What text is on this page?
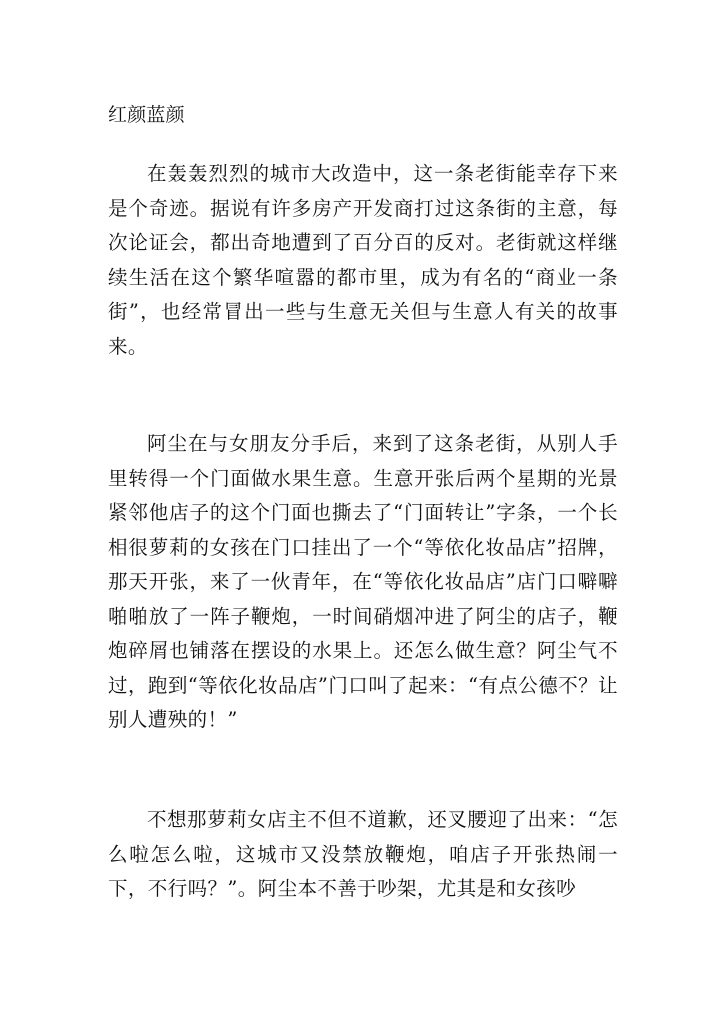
红颜蓝颜

在轰轰烈烈的城市大改造中，这一条老街能幸存下来是个奇迹。据说有许多房产开发商打过这条街的主意，每次论证会，都出奇地遭到了百分百的反对。老街就这样继续生活在这个繁华喧嚣的都市里，成为有名的“商业一条街”，也经常冒出一些与生意无关但与生意人有关的故事来。

阿尘在与女朋友分手后，来到了这条老街，从别人手里转得一个门面做水果生意。生意开张后两个星期的光景紧邻他店子的这个门面也撕去了“门面转让”字条，一个长相很萝莉的女孩在门口挂出了一个“等依化妆品店”招牌，那天开张，来了一伙青年，在“等依化妆品店”店门口噼噼啪啪放了一阵子鞭炮，一时间硝烟冲进了阿尘的店子，鞭炮碎屑也铺落在摆设的水果上。还怎么做生意？阿尘气不过，跑到“等依化妆品店”门口叫了起来：“有点公德不？让别人遭殃的！”

不想那萝莉女店主不但不道歉，还叉腰迎了出来：“怎么啦怎么啦，这城市又没禁放鞭炮，咱店子开张热闹一下，不行吗？”。阿尘本不善于吵架，尤其是和女孩吵
